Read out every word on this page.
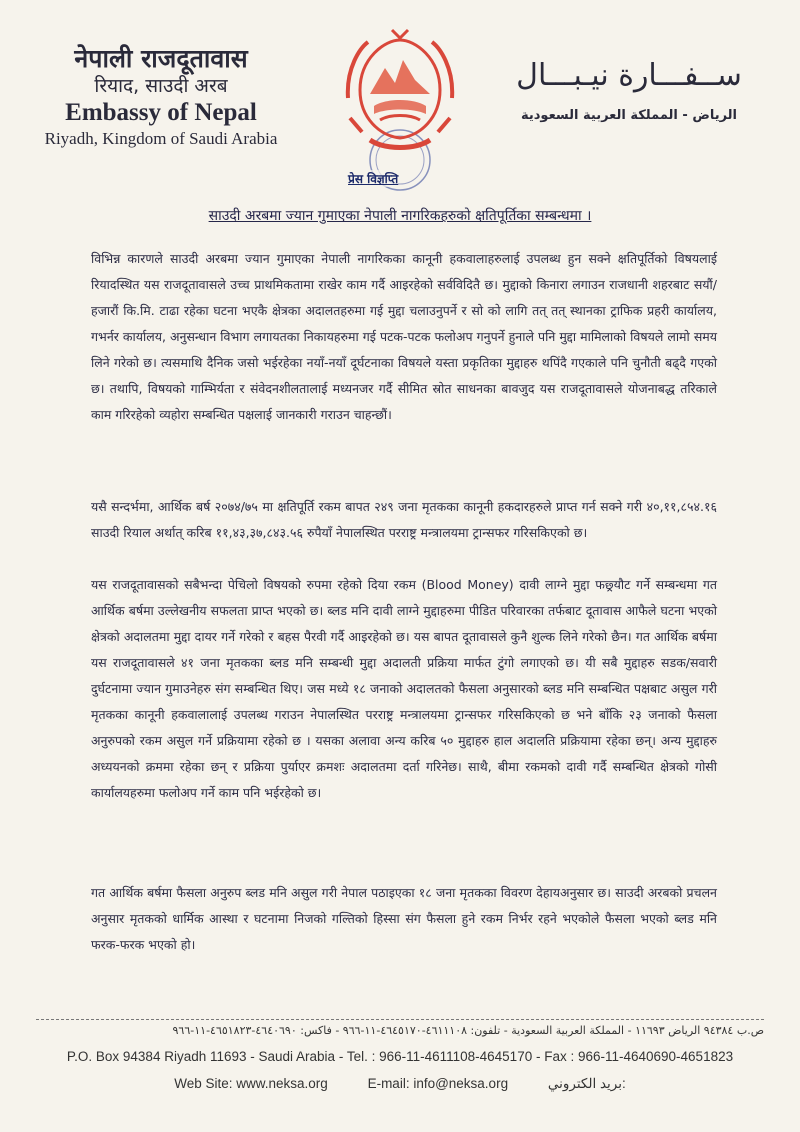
नेपाली राजदूतावास
रियाद, साउदी अरब
Embassy of Nepal
Riyadh, Kingdom of Saudi Arabia
प्रेस विज्ञप्ति
ســفـــارة نيـبـــال
الرياض - المملكة العربية السعودية
साउदी अरबमा ज्यान गुमाएका नेपाली नागरिकहरुको क्षतिपूर्तिका सम्बन्धमा ।
विभिन्न कारणले साउदी अरबमा ज्यान गुमाएका नेपाली नागरिकका कानूनी हकवालाहरुलाई उपलब्ध हुन सक्ने क्षतिपूर्तिको विषयलाई रियादस्थित यस राजदूतावासले उच्च प्राथमिकतामा राखेर काम गर्दै आइरहेको सर्वविदितै छ। मुद्दाको किनारा लगाउन राजधानी शहरबाट सयौं/हजारौं कि.मि. टाढा रहेका घटना भएकै क्षेत्रका अदालतहरुमा गई मुद्दा चलाउनुपर्ने र सो को लागि तत् तत् स्थानका ट्राफिक प्रहरी कार्यालय, गभर्नर कार्यालय, अनुसन्धान विभाग लगायतका निकायहरुमा गई पटक-पटक फलोअप गनुपर्ने हुनाले पनि मुद्दा मामिलाको विषयले लामो समय लिने गरेको छ। त्यसमाथि दैनिक जसो भईरहेका नयाँ-नयाँ दूर्घटनाका विषयले यस्ता प्रकृतिका मुद्दाहरु थपिंदै गएकाले पनि चुनौती बढ्दै गएको छ। तथापि, विषयको गाम्भिर्यता र संवेदनशीलतालाई मध्यनजर गर्दै सीमित स्रोत साधनका बावजुद यस राजदूतावासले योजनाबद्ध तरिकाले काम गरिरहेको व्यहोरा सम्बन्धित पक्षलाई जानकारी गराउन चाहन्छौं।
यसै सन्दर्भमा, आर्थिक बर्ष २०७४/७५ मा क्षतिपूर्ति रकम बापत २४९ जना मृतकका कानूनी हकदारहरुले प्राप्त गर्न सक्ने गरी ४०,११,८५४.१६ साउदी रियाल अर्थात् करिब ११,४३,३७,८४३.५६ रुपैयाँ नेपालस्थित परराष्ट्र मन्त्रालयमा ट्रान्सफर गरिसकिएको छ।
यस राजदूतावासको सबैभन्दा पेचिलो विषयको रुपमा रहेको दिया रकम (Blood Money) दावी लाग्ने मुद्दा फछ्र्यौट गर्ने सम्बन्धमा गत आर्थिक बर्षमा उल्लेखनीय सफलता प्राप्त भएको छ। ब्लड मनि दावी लाग्ने मुद्दाहरुमा पीडित परिवारका तर्फबाट दूतावास आफैले घटना भएको क्षेत्रको अदालतमा मुद्दा दायर गर्ने गरेको र बहस पैरवी गर्दै आइरहेको छ। यस बापत दूतावासले कुनै शुल्क लिने गरेको छैन। गत आर्थिक बर्षमा यस राजदूतावासले ४१ जना मृतकका ब्लड मनि सम्बन्धी मुद्दा अदालती प्रक्रिया मार्फत टुंगो लगाएको छ। यी सबै मुद्दाहरु सडक/सवारी दुर्घटनामा ज्यान गुमाउनेहरु संग सम्बन्धित थिए। जस मध्ये १८ जनाको अदालतको फैसला अनुसारको ब्लड मनि सम्बन्धित पक्षबाट असुल गरी मृतकका कानूनी हकवालालाई उपलब्ध गराउन नेपालस्थित परराष्ट्र मन्त्रालयमा ट्रान्सफर गरिसकिएको छ भने बाँकि २३ जनाको फैसला अनुरुपको रकम असुल गर्ने प्रक्रियामा रहेको छ । यसका अलावा अन्य करिब ५० मुद्दाहरु हाल अदालति प्रक्रियामा रहेका छन्। अन्य मुद्दाहरु अध्ययनको क्रममा रहेका छन् र प्रक्रिया पुर्याएर क्रमशः अदालतमा दर्ता गरिनेछ। साथै, बीमा रकमको दावी गर्दै सम्बन्धित क्षेत्रको गोसी कार्यालयहरुमा फलोअप गर्ने काम पनि भईरहेको छ।
गत आर्थिक बर्षमा फैसला अनुरुप ब्लड मनि असुल गरी नेपाल पठाइएका १८ जना मृतकका विवरण देहायअनुसार छ। साउदी अरबको प्रचलन अनुसार मृतकको धार्मिक आस्था र घटनामा निजको गल्तिको हिस्सा संग फैसला हुने रकम निर्भर रहने भएकोले फैसला भएको ब्लड मनि फरक-फरक भएको हो।
ص.ب ٩٤٣٨٤ الرياض ١١٦٩٣ - المملكة العربية السعودية - تلفون: ٤٦١١١٠٨-٤٦٤٥١٧٠-١١-٩٦٦ - فاكس: ٤٦٤٠٦٩٠-٤٦٥١٨٢٣-١١-٩٦٦
P.O. Box 94384 Riyadh 11693 - Saudi Arabia - Tel. : 966-11-4611108-4645170 - Fax : 966-11-4640690-4651823
Web Site: www.neksa.org	E-mail: info@neksa.org	بريد الكتروني:
